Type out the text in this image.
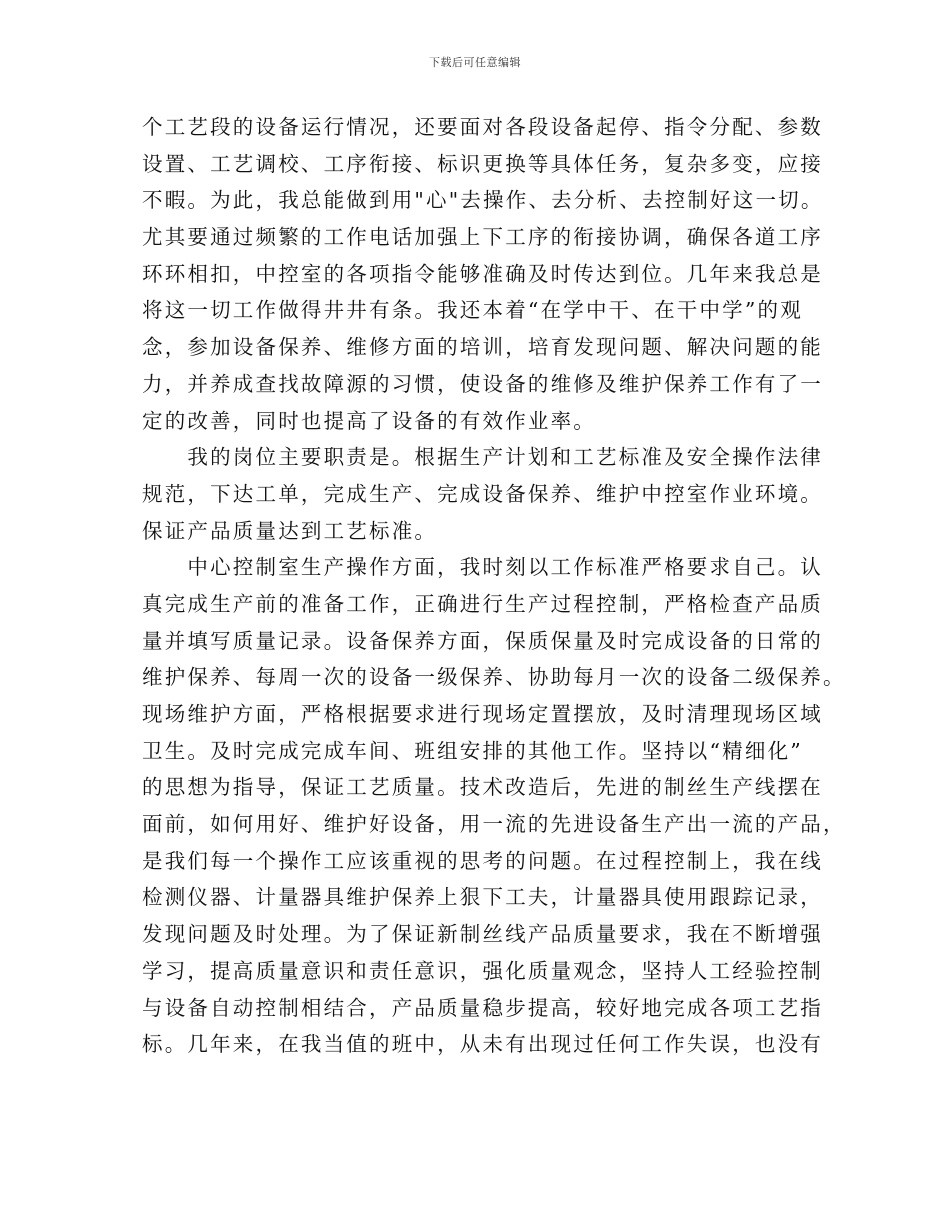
下载后可任意编辑
个工艺段的设备运行情况，还要面对各段设备起停、指令分配、参数
设置、工艺调校、工序衔接、标识更换等具体任务，复杂多变，应接
不暇。为此，我总能做到用"心"去操作、去分析、去控制好这一切。
尤其要通过频繁的工作电话加强上下工序的衔接协调，确保各道工序
环环相扣，中控室的各项指令能够准确及时传达到位。几年来我总是
将这一切工作做得井井有条。我还本着“在学中干、在干中学”的观
念，参加设备保养、维修方面的培训，培育发现问题、解决问题的能
力，并养成查找故障源的习惯，使设备的维修及维护保养工作有了一
定的改善，同时也提高了设备的有效作业率。
　　我的岗位主要职责是。根据生产计划和工艺标准及安全操作法律
规范，下达工单，完成生产、完成设备保养、维护中控室作业环境。
保证产品质量达到工艺标准。
　　中心控制室生产操作方面，我时刻以工作标准严格要求自己。认
真完成生产前的准备工作，正确进行生产过程控制，严格检查产品质
量并填写质量记录。设备保养方面，保质保量及时完成设备的日常的
维护保养、每周一次的设备一级保养、协助每月一次的设备二级保养。
现场维护方面，严格根据要求进行现场定置摆放，及时清理现场区域
卫生。及时完成完成车间、班组安排的其他工作。坚持以“精细化”
的思想为指导，保证工艺质量。技术改造后，先进的制丝生产线摆在
面前，如何用好、维护好设备，用一流的先进设备生产出一流的产品，
是我们每一个操作工应该重视的思考的问题。在过程控制上，我在线
检测仪器、计量器具维护保养上狠下工夫，计量器具使用跟踪记录，
发现问题及时处理。为了保证新制丝线产品质量要求，我在不断增强
学习，提高质量意识和责任意识，强化质量观念，坚持人工经验控制
与设备自动控制相结合，产品质量稳步提高，较好地完成各项工艺指
标。几年来，在我当值的班中，从未有出现过任何工作失误，也没有
